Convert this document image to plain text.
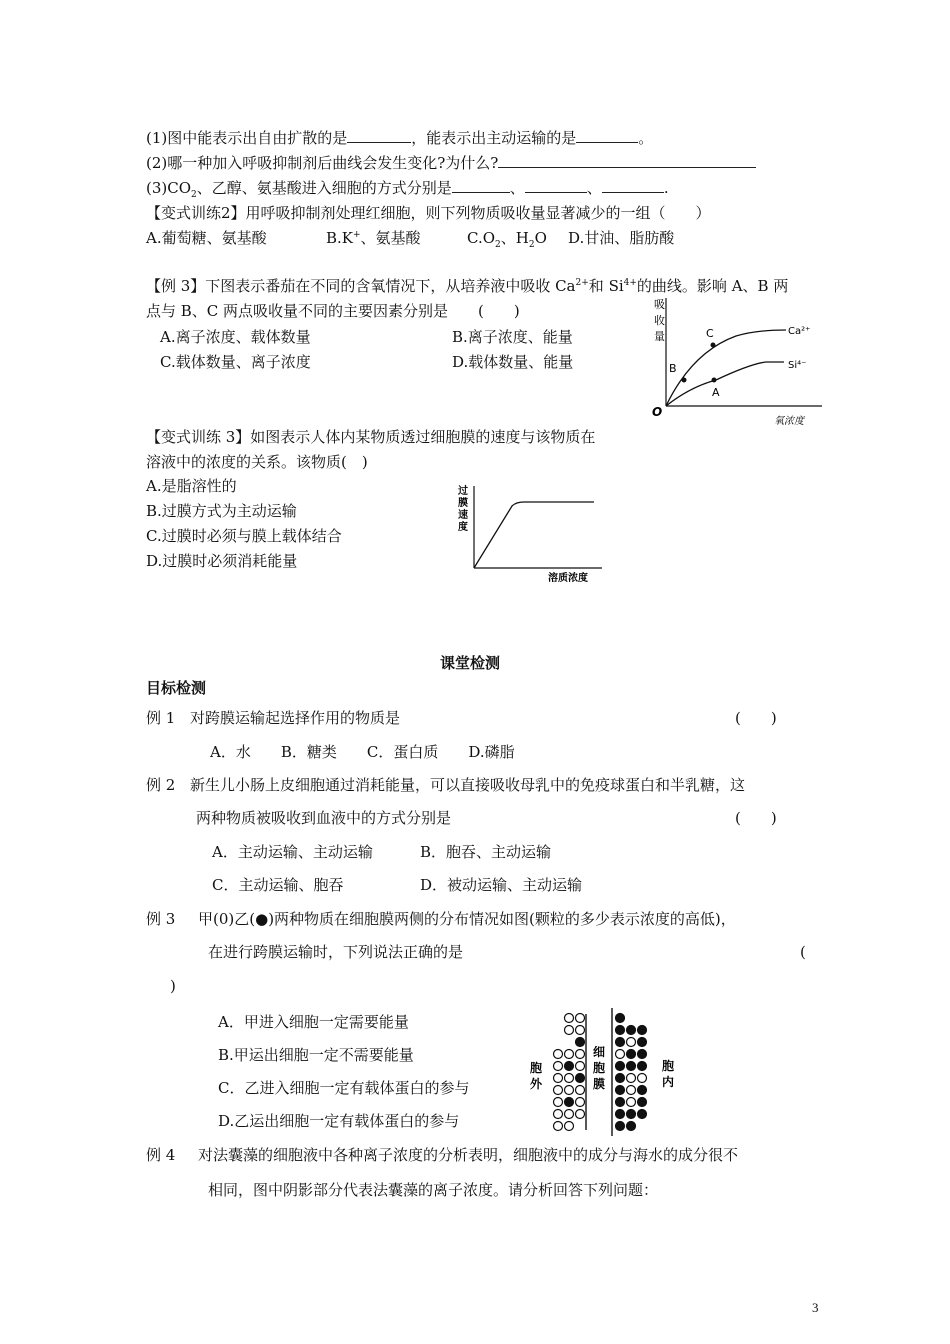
(1)图中能表示出自由扩散的是	，能表示出主动运输的是	。
(2)哪一种加入呼吸抑制剂后曲线会发生变化?为什么?
$(3)CO_2$、乙醇、氨基酸进入细胞的方式分别是	、	、	.
【变式训练2】用呼吸抑制剂处理红细胞，则下列物质吸收量显著减少的一组（　　）
A.葡萄糖、氨基酸	B.K+、氨基酸	$C.O_2$、$H_2O$ D.甘油、脂肪酸
【例 3】下图表示番茄在不同的含氧情况下，从培养液中吸收 $Ca^{2+}$和 $Si^{4+}$的曲线。影响 A、B 两
点与 B、C 两点吸收量不同的主要因素分别是　　(　　)
A.离子浓度、载体数量	B.离子浓度、能量
C.载体数量、离子浓度	D.载体数量、能量
吸
收
量
O
A
B
C	Ca²⁺
Si⁴⁻
氧浓度
【变式训练 3】如图表示人体内某物质透过细胞膜的速度与该物质在
溶液中的浓度的关系。该物质(　)
A.是脂溶性的
B.过膜方式为主动运输
C.过膜时必须与膜上载体结合
D.过膜时必须消耗能量
过
膜
速
度
溶质浓度
课堂检测
目标检测
例 1 对跨膜运输起选择作用的物质是	(　　)
A．水　　B．糖类　　C．蛋白质　　D.磷脂
例 2 新生儿小肠上皮细胞通过消耗能量，可以直接吸收母乳中的免疫球蛋白和半乳糖，这
两种物质被吸收到血液中的方式分别是	(　　)
A．主动运输、主动运输	B．胞吞、主动运输
C．主动运输、胞吞	D．被动运输、主动运输
例 3 甲(0)乙(●)两种物质在细胞膜两侧的分布情况如图(颗粒的多少表示浓度的高低)，
在进行跨膜运输时，下列说法正确的是	(
)
A．甲进入细胞一定需要能量
B.甲运出细胞一定不需要能量
C．乙进入细胞一定有载体蛋白的参与
D.乙运出细胞一定有载体蛋白的参与
胞
外
细
胞
膜
胞
内
例 4 对法囊藻的细胞液中各种离子浓度的分析表明，细胞液中的成分与海水的成分很不
相同，图中阴影部分代表法囊藻的离子浓度。请分析回答下列问题：
3
